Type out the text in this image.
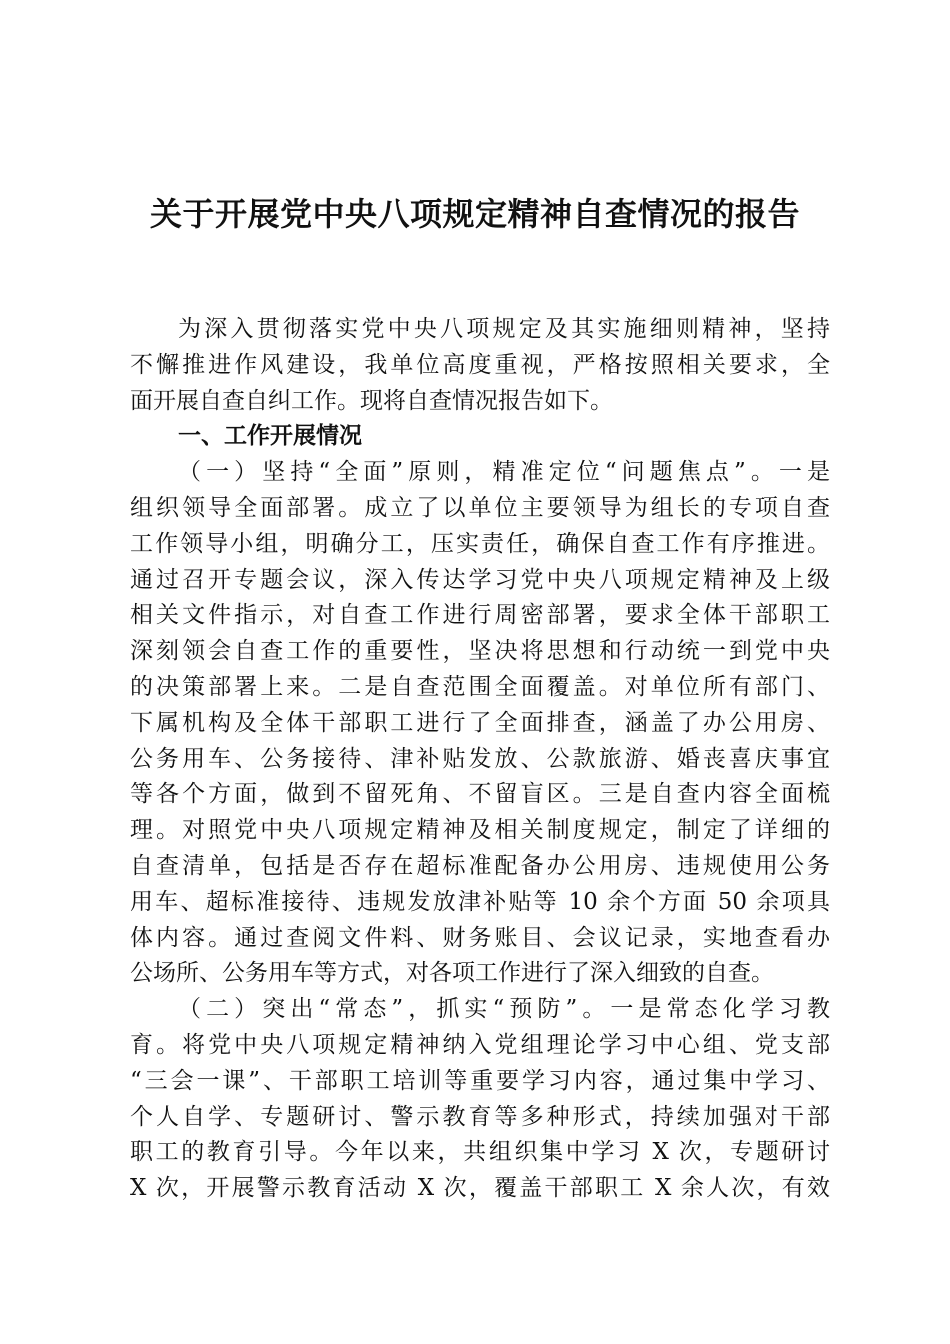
关于开展党中央八项规定精神自查情况的报告
为深入贯彻落实党中央八项规定及其实施细则精神，坚持
不懈推进作风建设，我单位高度重视，严格按照相关要求，全
面开展自查自纠工作。现将自查情况报告如下。
一、工作开展情况
（一）坚持“全面”原则，精准定位“问题焦点”。一是
组织领导全面部署。成立了以单位主要领导为组长的专项自查
工作领导小组，明确分工，压实责任，确保自查工作有序推进。
通过召开专题会议，深入传达学习党中央八项规定精神及上级
相关文件指示，对自查工作进行周密部署，要求全体干部职工
深刻领会自查工作的重要性，坚决将思想和行动统一到党中央
的决策部署上来。二是自查范围全面覆盖。对单位所有部门、
下属机构及全体干部职工进行了全面排查，涵盖了办公用房、
公务用车、公务接待、津补贴发放、公款旅游、婚丧喜庆事宜
等各个方面，做到不留死角、不留盲区。三是自查内容全面梳
理。对照党中央八项规定精神及相关制度规定，制定了详细的
自查清单，包括是否存在超标准配备办公用房、违规使用公务
用车、超标准接待、违规发放津补贴等 10 余个方面 50 余项具
体内容。通过查阅文件料、财务账目、会议记录，实地查看办
公场所、公务用车等方式，对各项工作进行了深入细致的自查。
（二）突出“常态”，抓实“预防”。一是常态化学习教
育。将党中央八项规定精神纳入党组理论学习中心组、党支部
“三会一课”、干部职工培训等重要学习内容，通过集中学习、
个人自学、专题研讨、警示教育等多种形式，持续加强对干部
职工的教育引导。今年以来，共组织集中学习 X 次，专题研讨
X 次，开展警示教育活动 X 次，覆盖干部职工 X 余人次，有效
